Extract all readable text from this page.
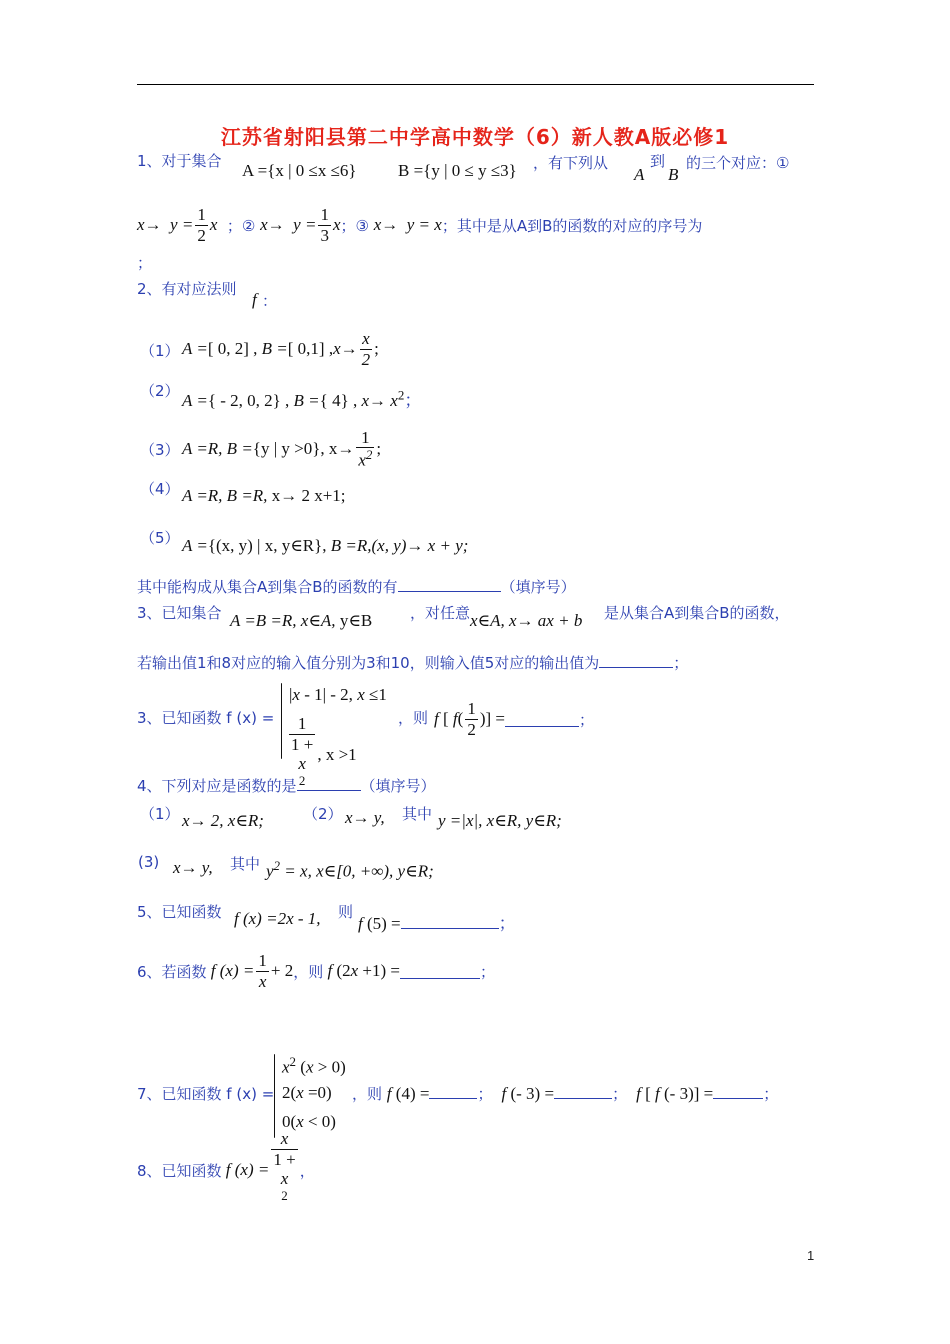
江苏省射阳县第二中学高中数学（6）新人教A版必修1
1、对于集合 A ={x | 0 ≤x ≤6} B ={y | 0 ≤ y ≤3} ，有下列从
A
到
B
的三个对应：①
$x\to y = \frac{1}{2}$ x ；② $x\to y = \frac{1}{3}$ x ；③ x→  y = x ；其中是从A到B的函数的对应的序号为
；
2、有对应法则
f ：
（1） A = [ 0, 2] , B = [ 0,1] , $x\to \frac{x}{2}$ ;
（2） A ={ - 2, 0, 2} , B ={ 4} , $x\to x^2$；
（3） A =R, B ={y | y >0}, $x\to \frac{1}{x^2}$ ;
（4） A =R, B =R, x→ 2 x+1;
（5） A ={(x, y) | x, y∈R}, B =R,(x, y)→ x + y;
其中能构成从集合A到集合B的函数的有	（填序号）
3、已知集合 A =B =R, x∈A, y∈B	，对任意 x∈A, x→ ax + b 是从集合A到集合B的函数，
若输出值1和8对应的输入值分别为3和10，则输入值5对应的输出值为	；
3、已知函数 f (x) =
|x - 1| - 2, x ≤1
1
1 +
x
$^2$ , x >1
，则 f [ $f( \frac{1}{2}$ )] =	；
4、下列对应是函数的是	（填序号）
（1） x→ 2, x∈R;	（2） x→ y, 其中 y =|x|, x∈R, y∈R;
(3) x→ y, 其中 $y^2 = x$, x∈[0, +∞), y∈R;
5、已知函数 f (x) =2x - 1, 则
f (5) =	；
6、若函数 f $(x) = \frac{1}{x} + 2$ ，则 f (2x +1) =	；
7、已知函数 f (x) =
$x^2$ (x > 0)
2(x =0)
0(x < 0)
，则 f (4) =	； f (- 3) =	； f [ f (- 3)] =	；
8、已知函数 f (x) = x
1 +
x
$^2$ ，
1
